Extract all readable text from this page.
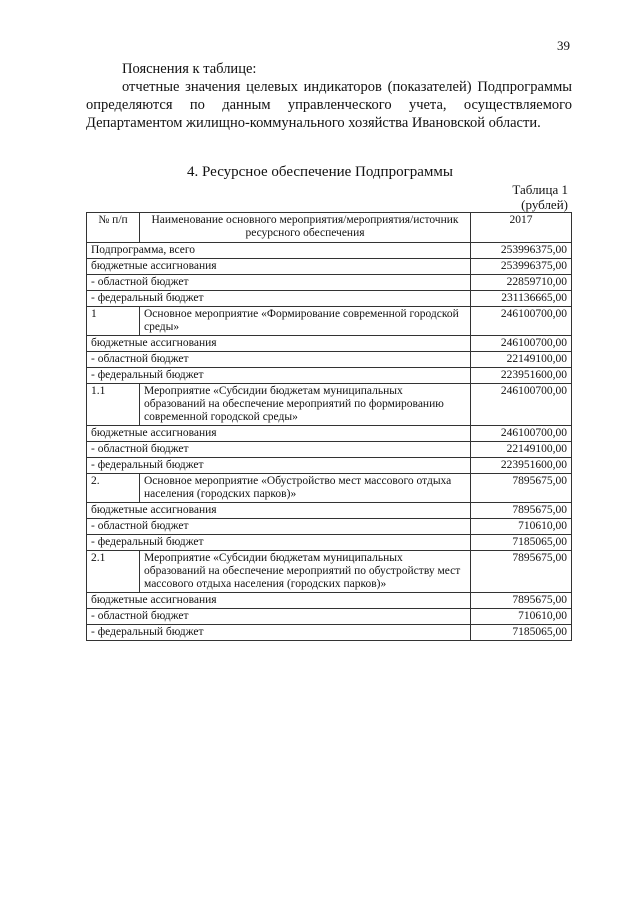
39
Пояснения к таблице:

отчетные значения целевых индикаторов (показателей) Подпрограммы определяются по данным управленческого учета, осуществляемого Департаментом жилищно-коммунального хозяйства Ивановской области.

4. Ресурсное обеспечение Подпрограммы
Таблица 1
(рублей)
№ п/п	Наименование основного мероприятия/мероприятия/источник ресурсного обеспечения	2017
Подпрограмма, всего		253996375,00
бюджетные ассигнования		253996375,00
- областной бюджет		22859710,00
- федеральный бюджет		231136665,00
1	Основное мероприятие «Формирование современной городской среды»	246100700,00
бюджетные ассигнования		246100700,00
- областной бюджет		22149100,00
- федеральный бюджет		223951600,00
1.1	Мероприятие «Субсидии бюджетам муниципальных образований на обеспечение мероприятий по формированию современной городской среды»	246100700,00
бюджетные ассигнования		246100700,00
- областной бюджет		22149100,00
- федеральный бюджет		223951600,00
2.	Основное мероприятие «Обустройство мест массового отдыха населения (городских парков)»	7895675,00
бюджетные ассигнования		7895675,00
- областной бюджет		710610,00
- федеральный бюджет		7185065,00
2.1	Мероприятие «Субсидии бюджетам муниципальных образований на обеспечение мероприятий по обустройству мест массового отдыха населения (городских парков)»	7895675,00
бюджетные ассигнования		7895675,00
- областной бюджет		710610,00
- федеральный бюджет		7185065,00
